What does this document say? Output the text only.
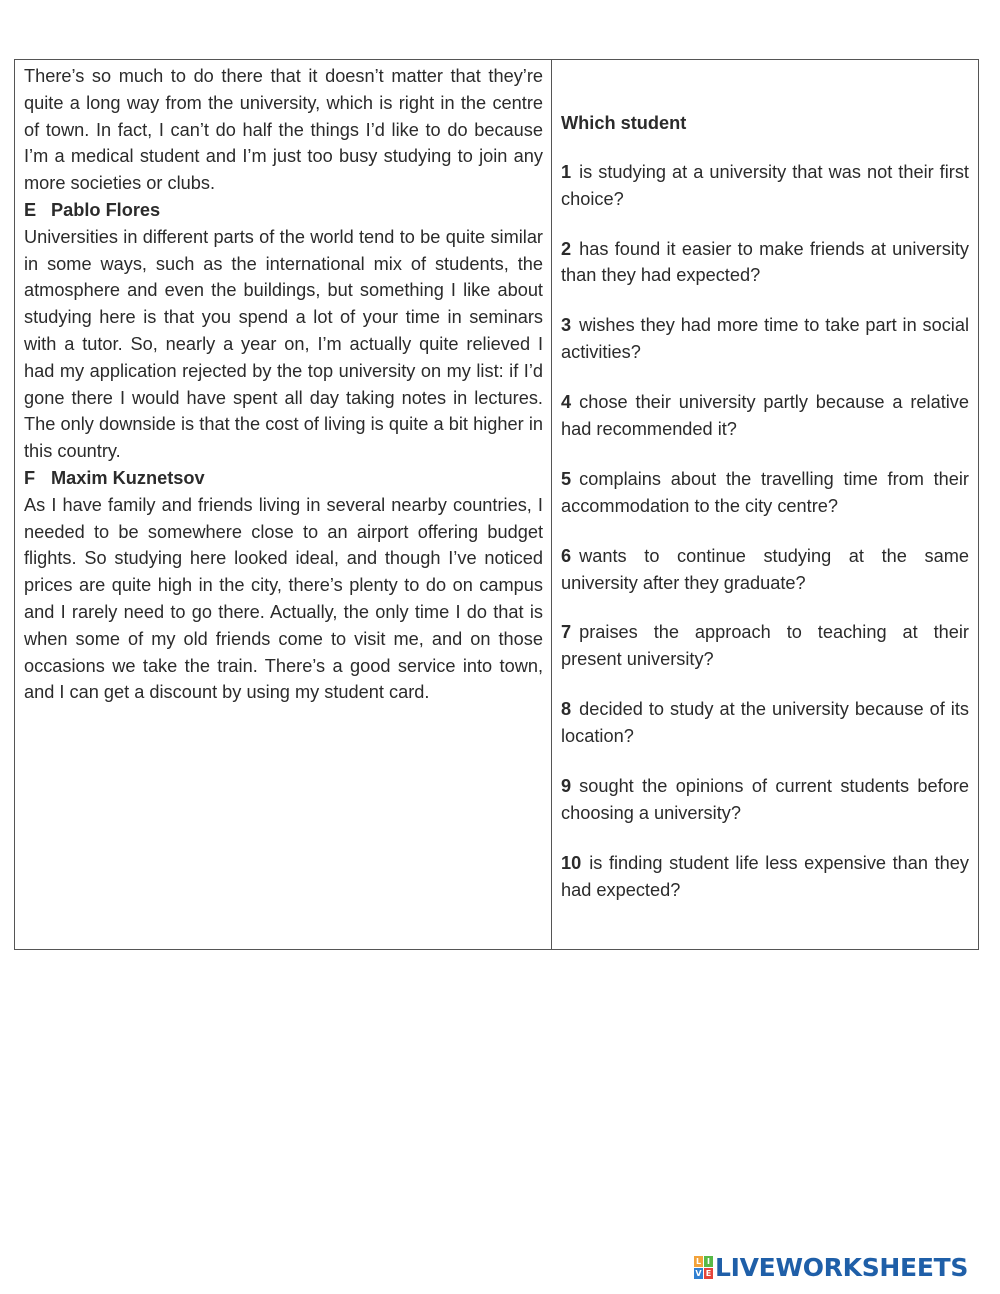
There’s so much to do there that it doesn’t matter that they’re quite a long way from the university, which is right in the centre of town. In fact, I can’t do half the things I’d like to do because I’m a medical student and I’m just too busy studying to join any more societies or clubs.

E Pablo Flores

Universities in different parts of the world tend to be quite similar in some ways, such as the international mix of students, the atmosphere and even the buildings, but something I like about studying here is that you spend a lot of your time in seminars with a tutor. So, nearly a year on, I’m actually quite relieved I had my application rejected by the top university on my list: if I’d gone there I would have spent all day taking notes in lectures. The only downside is that the cost of living is quite a bit higher in this country.

F Maxim Kuznetsov

As I have family and friends living in several nearby countries, I needed to be somewhere close to an airport offering budget flights. So studying here looked ideal, and though I’ve noticed prices are quite high in the city, there’s plenty to do on campus and I rarely need to go there. Actually, the only time I do that is when some of my old friends come to visit me, and on those occasions we take the train. There’s a good service into town, and I can get a discount by using my student card.

Which student

1 is studying at a university that was not their first choice?

2 has found it easier to make friends at university than they had expected?

3 wishes they had more time to take part in social activities?

4 chose their university partly because a relative had recommended it?

5 complains about the travelling time from their accommodation to the city centre?

6 wants to continue studying at the same university after they graduate?

7 praises the approach to teaching at their present university?

8 decided to study at the university because of its location?

9 sought the opinions of current students before choosing a university?

10 is finding student life less expensive than they had expected?

L I
V E LIVEWORKSHEETS
